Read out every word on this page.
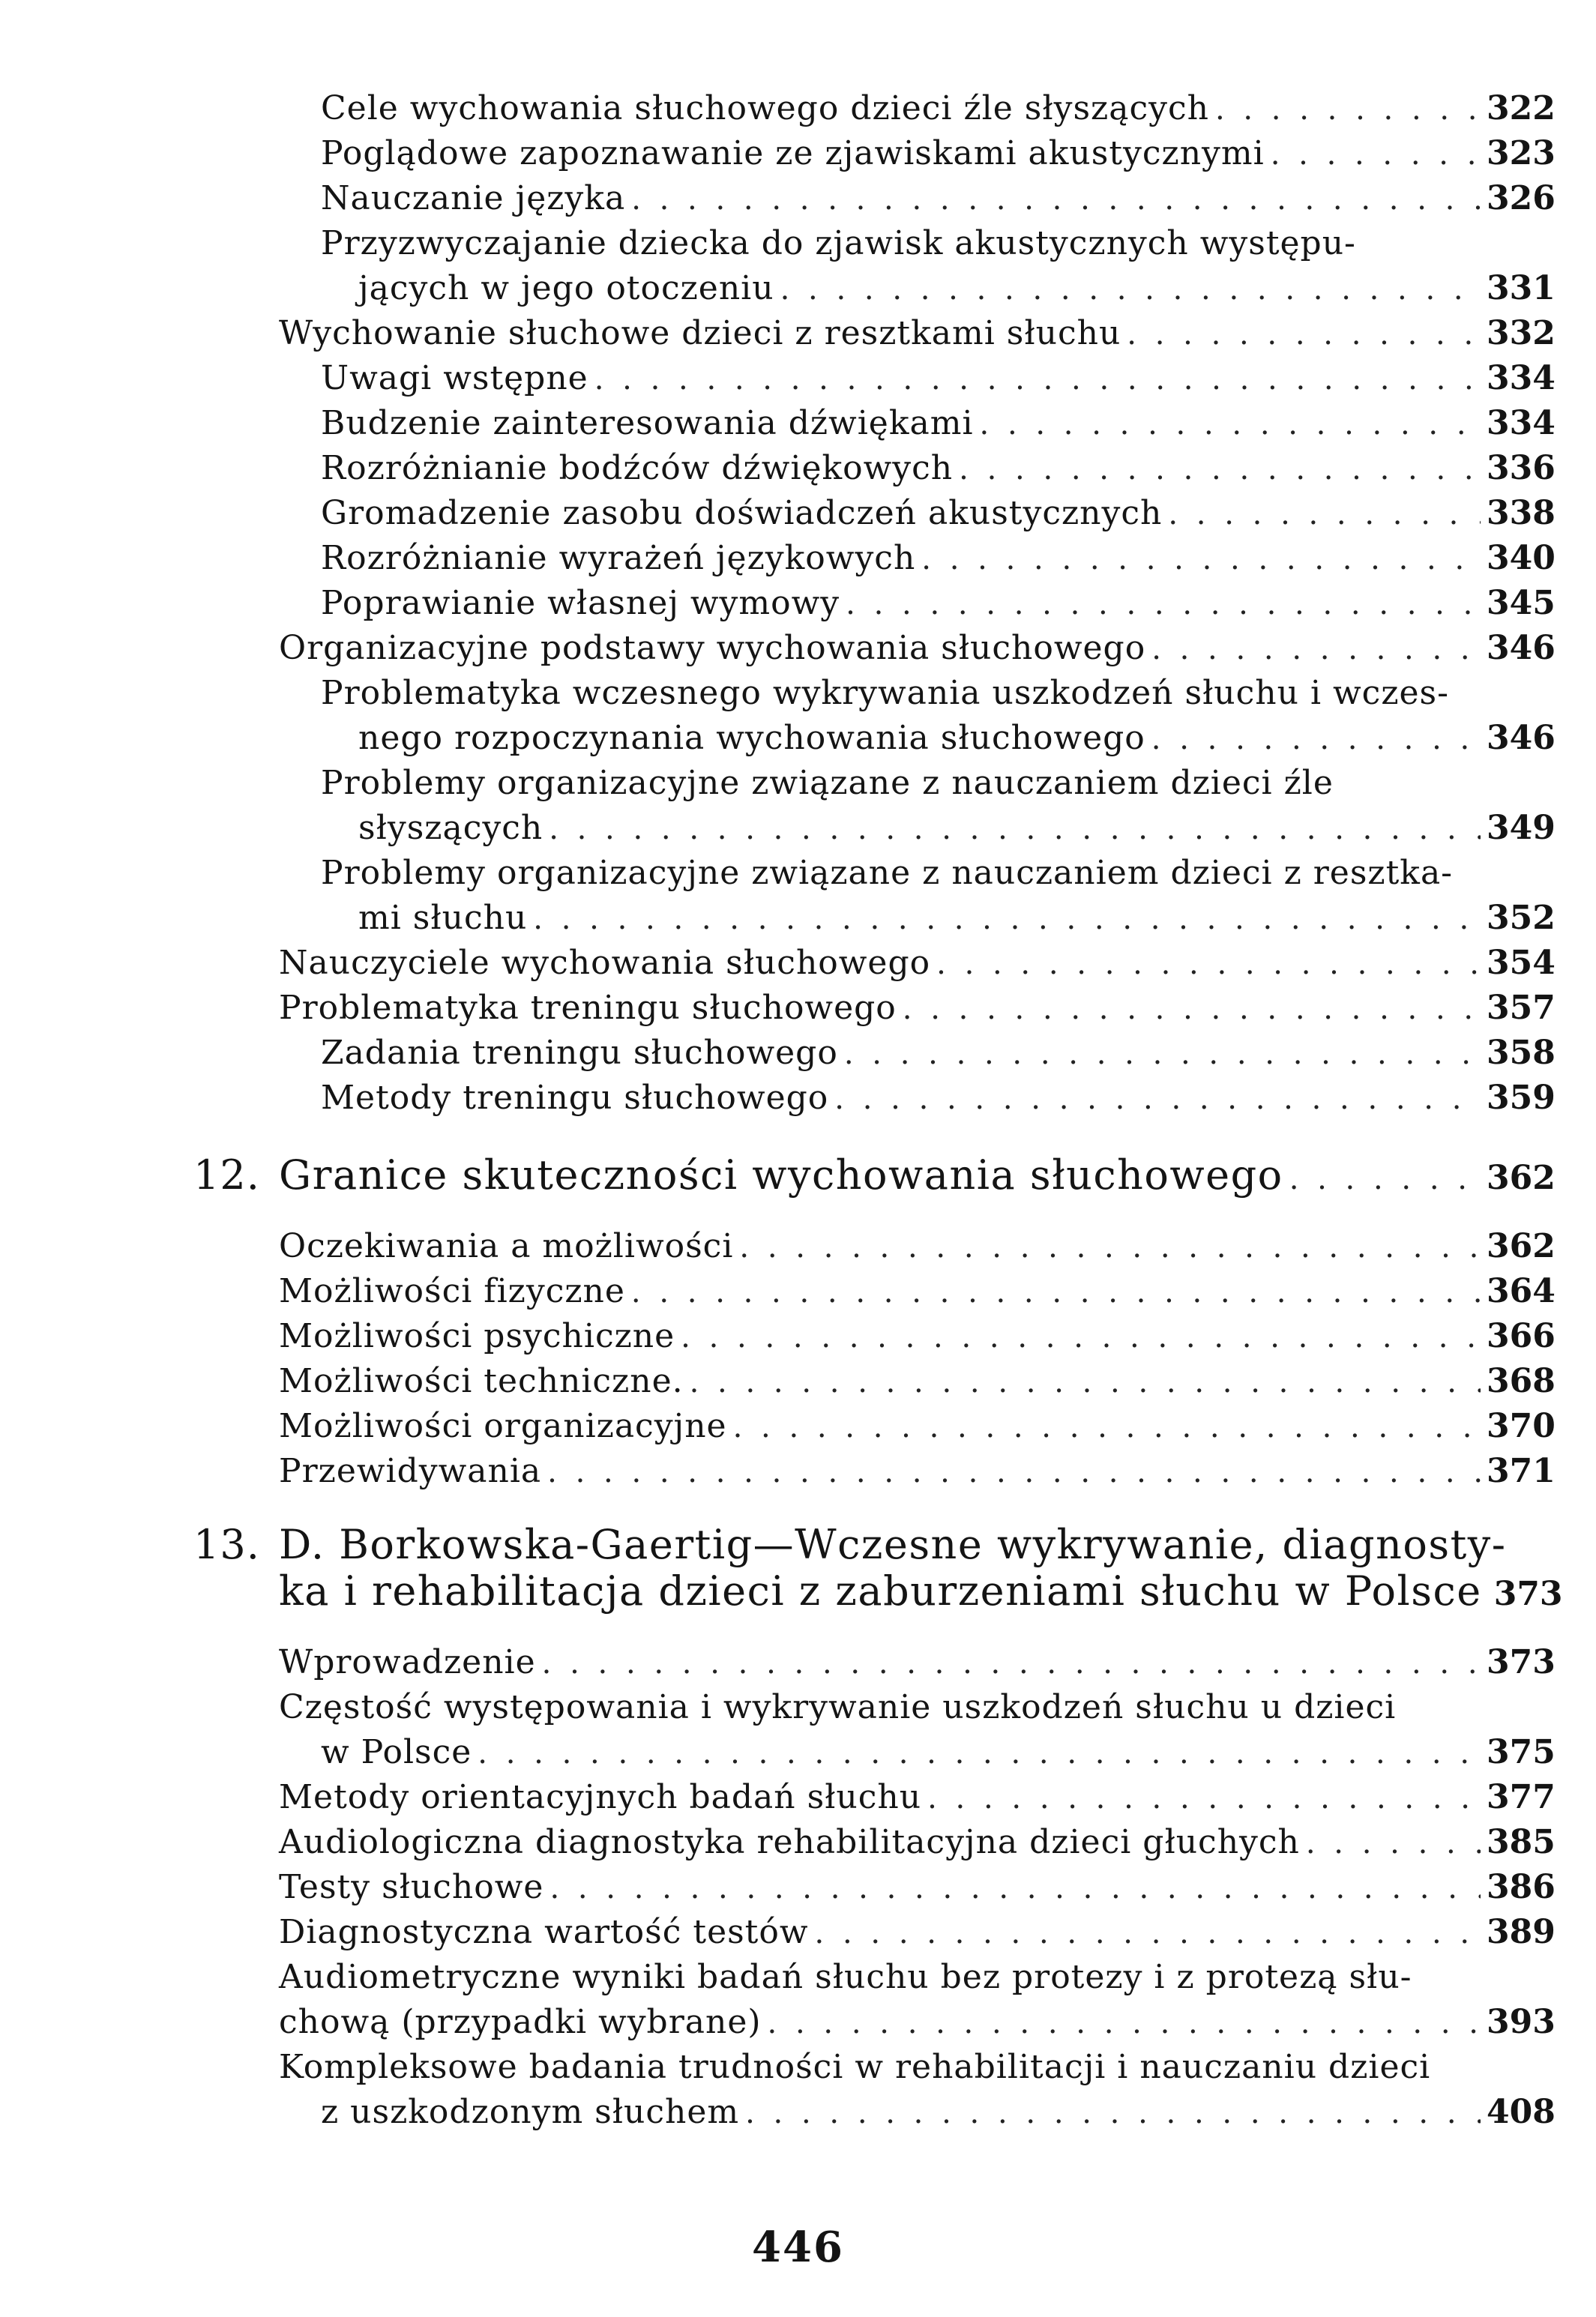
Cele wychowania słuchowego dzieci źle słyszących . . .	322
Poglądowe zapoznawanie ze zjawiskami akustycznymi . . .	323
Nauczanie języka . . .	326
Przyzwyczajanie dziecka do zjawisk akustycznych występu-
jących w jego otoczeniu . . .	331
Wychowanie słuchowe dzieci z resztkami słuchu . . .	332
Uwagi wstępne . . .	334
Budzenie zainteresowania dźwiękami . . .	334
Rozróżnianie bodźców dźwiękowych . . .	336
Gromadzenie zasobu doświadczeń akustycznych . . .	338
Rozróżnianie wyrażeń językowych . . .	340
Poprawianie własnej wymowy . . .	345
Organizacyjne podstawy wychowania słuchowego . . .	346
Problematyka wczesnego wykrywania uszkodzeń słuchu i wczes-
nego rozpoczynania wychowania słuchowego . . .	346
Problemy organizacyjne związane z nauczaniem dzieci źle
słyszących . . .	349
Problemy organizacyjne związane z nauczaniem dzieci z resztka-
mi słuchu . . .	352
Nauczyciele wychowania słuchowego . . .	354
Problematyka treningu słuchowego . . .	357
Zadania treningu słuchowego . . .	358
Metody treningu słuchowego . . .	359
12. Granice skuteczności wychowania słuchowego . . .	362
Oczekiwania a możliwości . . .	362
Możliwości fizyczne . . .	364
Możliwości psychiczne . . .	366
Możliwości techniczne. . . .	368
Możliwości organizacyjne . . .	370
Przewidywania . . .	371
13. D. Borkowska-Gaertig—Wczesne wykrywanie, diagnosty-
ka i rehabilitacja dzieci z zaburzeniami słuchu w Polsce 373
Wprowadzenie . . .	373
Częstość występowania i wykrywanie uszkodzeń słuchu u dzieci
w Polsce . . .	375
Metody orientacyjnych badań słuchu . . .	377
Audiologiczna diagnostyka rehabilitacyjna dzieci głuchych . . .	385
Testy słuchowe . . .	386
Diagnostyczna wartość testów . . .	389
Audiometryczne wyniki badań słuchu bez protezy i z protezą słu-
chową (przypadki wybrane) . . .	393
Kompleksowe badania trudności w rehabilitacji i nauczaniu dzieci
z uszkodzonym słuchem . . .	408
446
